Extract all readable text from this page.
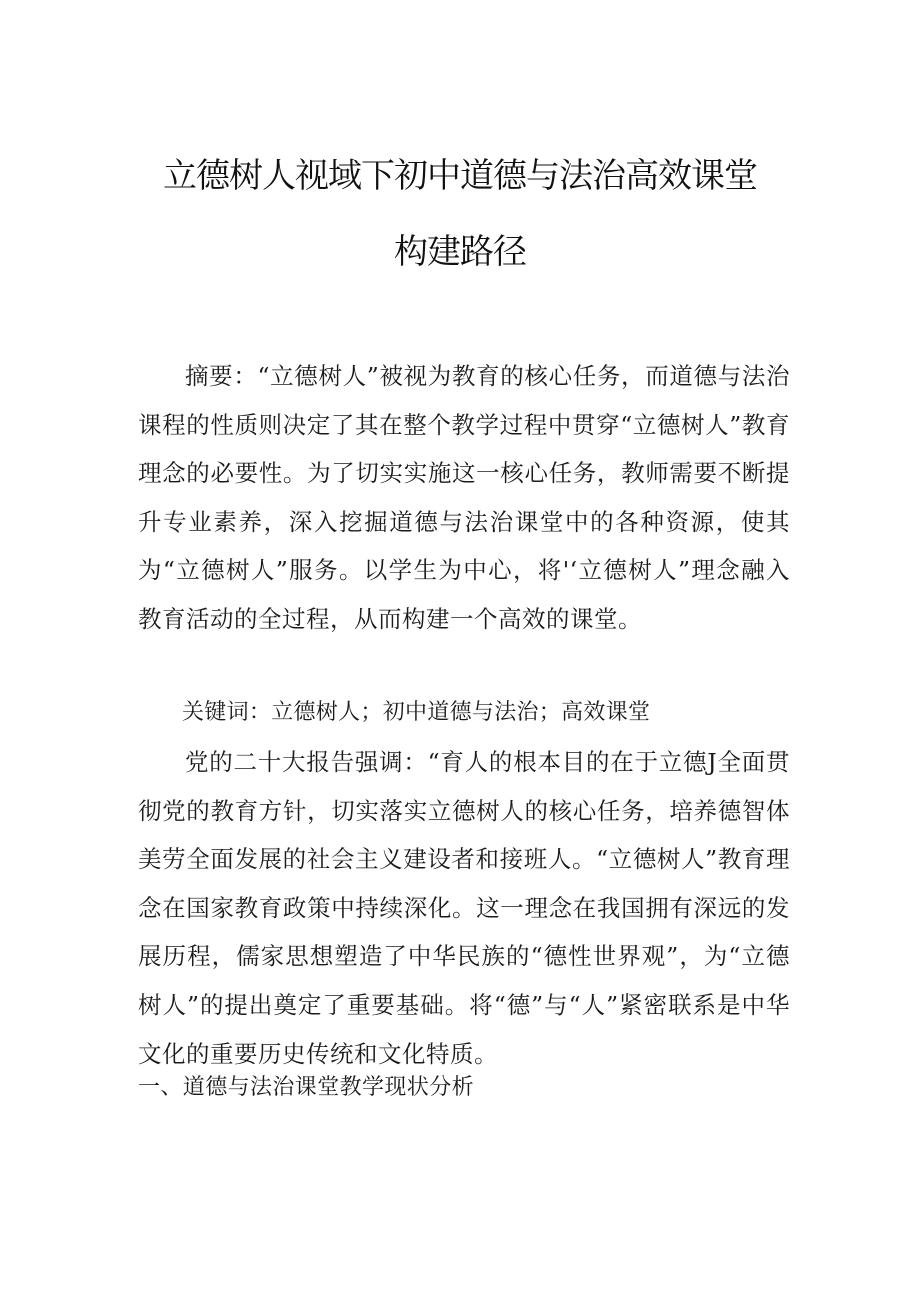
立德树人视域下初中道德与法治高效课堂
构建路径

摘要：“立德树人”被视为教育的核心任务，而道德与法治课程的性质则决定了其在整个教学过程中贯穿“立德树人”教育理念的必要性。为了切实实施这一核心任务，教师需要不断提升专业素养，深入挖掘道德与法治课堂中的各种资源，使其为“立德树人”服务。以学生为中心，将'‘立德树人”理念融入教育活动的全过程，从而构建一个高效的课堂。

关键词：立德树人；初中道德与法治；高效课堂

党的二十大报告强调：“育人的根本目的在于立德J全面贯彻党的教育方针，切实落实立德树人的核心任务，培养德智体美劳全面发展的社会主义建设者和接班人。“立德树人”教育理念在国家教育政策中持续深化。这一理念在我国拥有深远的发展历程，儒家思想塑造了中华民族的“德性世界观”，为“立德树人”的提出奠定了重要基础。将“德”与“人”紧密联系是中华文化的重要历史传统和文化特质。

一、道德与法治课堂教学现状分析
